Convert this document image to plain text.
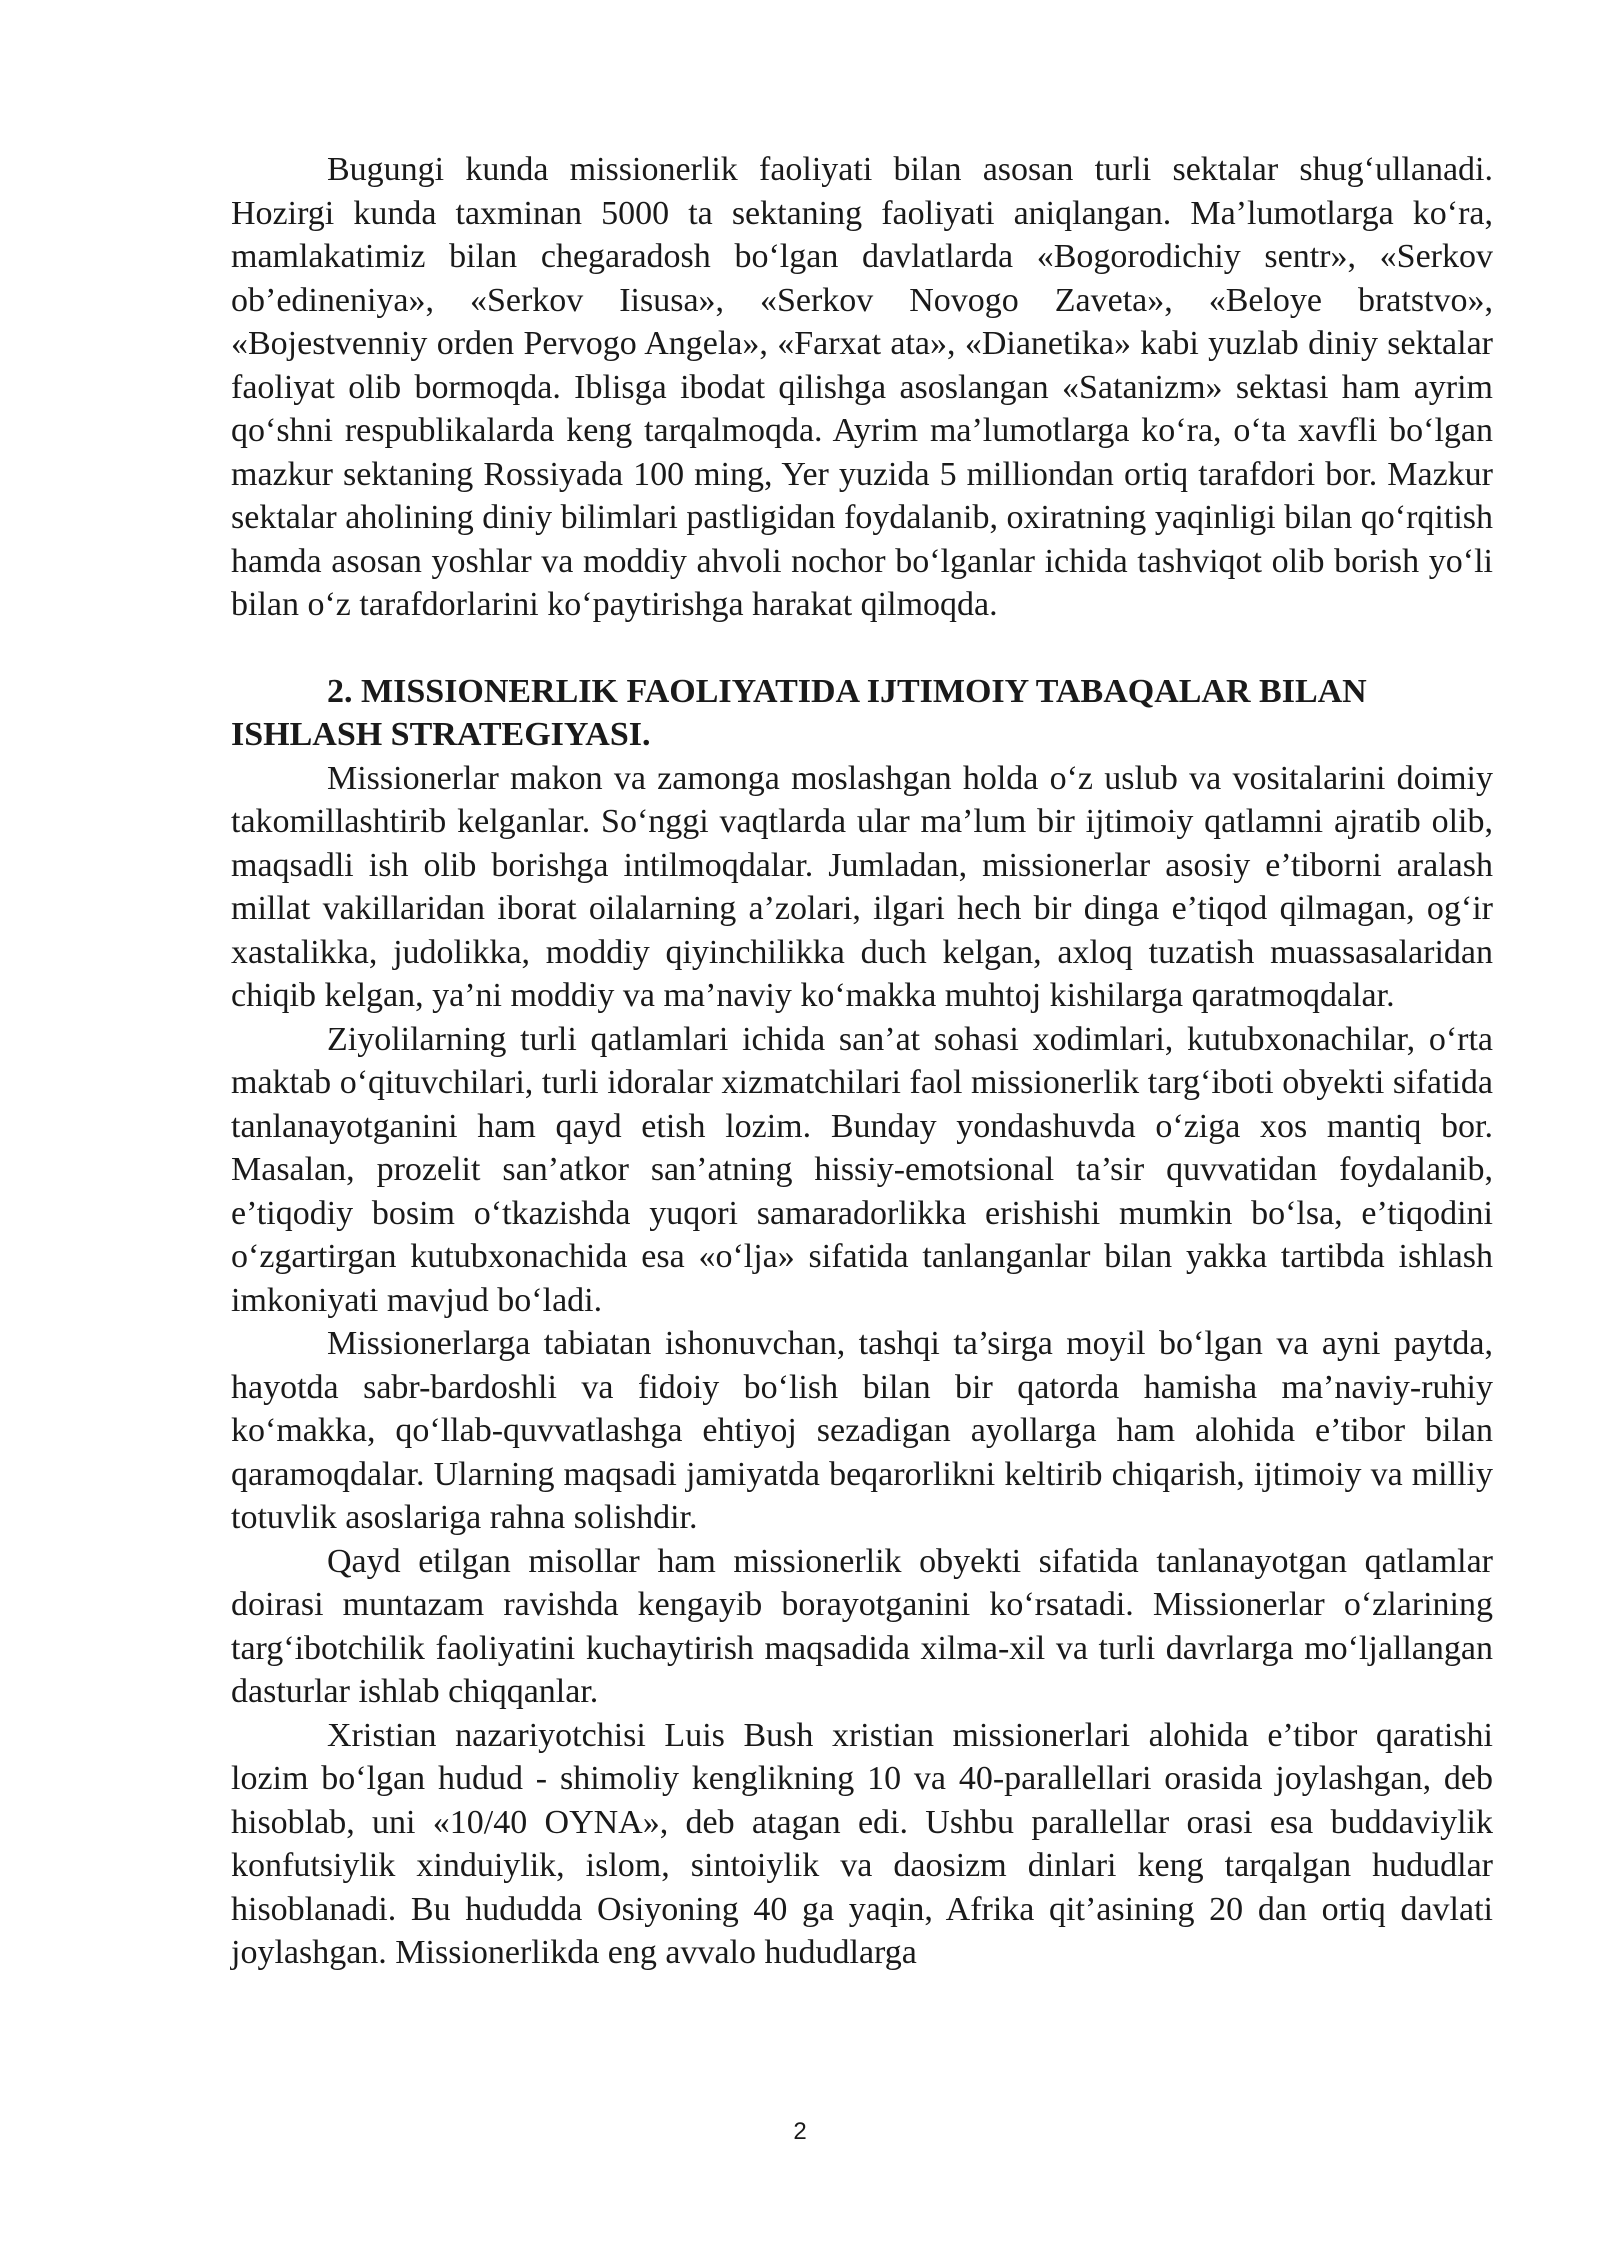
Bugungi kunda missionerlik faoliyati bilan asosan turli sektalar shug‘ullanadi. Hozirgi kunda taxminan 5000 ta sektaning faoliyati aniqlangan. Ma’lumotlarga ko‘ra, mamlakatimiz bilan chegaradosh bo‘lgan davlatlarda «Bogorodichiy sentr», «Serkov ob’edineniya», «Serkov Iisusa», «Serkov Novogo Zaveta», «Beloye bratstvo», «Bojestvenniy orden Pervogo Angela», «Farxat ata», «Dianetika» kabi yuzlab diniy sektalar faoliyat olib bormoqda. Iblisga ibodat qilishga asoslangan «Satanizm» sektasi ham ayrim qo‘shni respublikalarda keng tarqalmoqda. Ayrim ma’lumotlarga ko‘ra, o‘ta xavfli bo‘lgan mazkur sektaning Rossiyada 100 ming, Yer yuzida 5 milliondan ortiq tarafdori bor. Mazkur sektalar aholining diniy bilimlari pastligidan foydalanib, oxiratning yaqinligi bilan qo‘rqitish hamda asosan yoshlar va moddiy ahvoli nochor bo‘lganlar ichida tashviqot olib borish yo‘li bilan o‘z tarafdorlarini ko‘paytirishga harakat qilmoqda.

2. MISSIONERLIK FAOLIYATIDA IJTIMOIY TABAQALAR BILAN ISHLASH STRATEGIYASI.

Missionerlar makon va zamonga moslashgan holda o‘z uslub va vositalarini doimiy takomillashtirib kelganlar. So‘nggi vaqtlarda ular ma’lum bir ijtimoiy qatlamni ajratib olib, maqsadli ish olib borishga intilmoqdalar. Jumladan, missionerlar asosiy e’tiborni aralash millat vakillaridan iborat oilalarning a’zolari, ilgari hech bir dinga e’tiqod qilmagan, og‘ir xastalikka, judolikka, moddiy qiyinchilikka duch kelgan, axloq tuzatish muassasalaridan chiqib kelgan, ya’ni moddiy va ma’naviy ko‘makka muhtoj kishilarga qaratmoqdalar.

Ziyolilarning turli qatlamlari ichida san’at sohasi xodimlari, kutubxonachilar, o‘rta maktab o‘qituvchilari, turli idoralar xizmatchilari faol missionerlik targ‘iboti obyekti sifatida tanlanayotganini ham qayd etish lozim. Bunday yondashuvda o‘ziga xos mantiq bor. Masalan, prozelit san’atkor san’atning hissiy-emotsional ta’sir quvvatidan foydalanib, e’tiqodiy bosim o‘tkazishda yuqori samaradorlikka erishishi mumkin bo‘lsa, e’tiqodini o‘zgartirgan kutubxonachida esa «o‘lja» sifatida tanlanganlar bilan yakka tartibda ishlash imkoniyati mavjud bo‘ladi.

Missionerlarga tabiatan ishonuvchan, tashqi ta’sirga moyil bo‘lgan va ayni paytda, hayotda sabr-bardoshli va fidoiy bo‘lish bilan bir qatorda hamisha ma’naviy-ruhiy ko‘makka, qo‘llab-quvvatlashga ehtiyoj sezadigan ayollarga ham alohida e’tibor bilan qaramoqdalar. Ularning maqsadi jamiyatda beqarorlikni keltirib chiqarish, ijtimoiy va milliy totuvlik asoslariga rahna solishdir.

Qayd etilgan misollar ham missionerlik obyekti sifatida tanlanayotgan qatlamlar doirasi muntazam ravishda kengayib borayotganini ko‘rsatadi. Missionerlar o‘zlarining targ‘ibotchilik faoliyatini kuchaytirish maqsadida xilma-xil va turli davrlarga mo‘ljallangan dasturlar ishlab chiqqanlar.

Xristian nazariyotchisi Luis Bush xristian missionerlari alohida e’tibor qaratishi lozim bo‘lgan hudud - shimoliy kenglikning 10 va 40-parallellari orasida joylashgan, deb hisoblab, uni «10/40 OYNA», deb atagan edi. Ushbu parallellar orasi esa buddaviylik konfutsiylik xinduiylik, islom, sintoiylik va daosizm dinlari keng tarqalgan hududlar hisoblanadi. Bu hududda Osiyoning 40 ga yaqin, Afrika qit’asining 20 dan ortiq davlati joylashgan. Missionerlikda eng avvalo hududlarga

2
